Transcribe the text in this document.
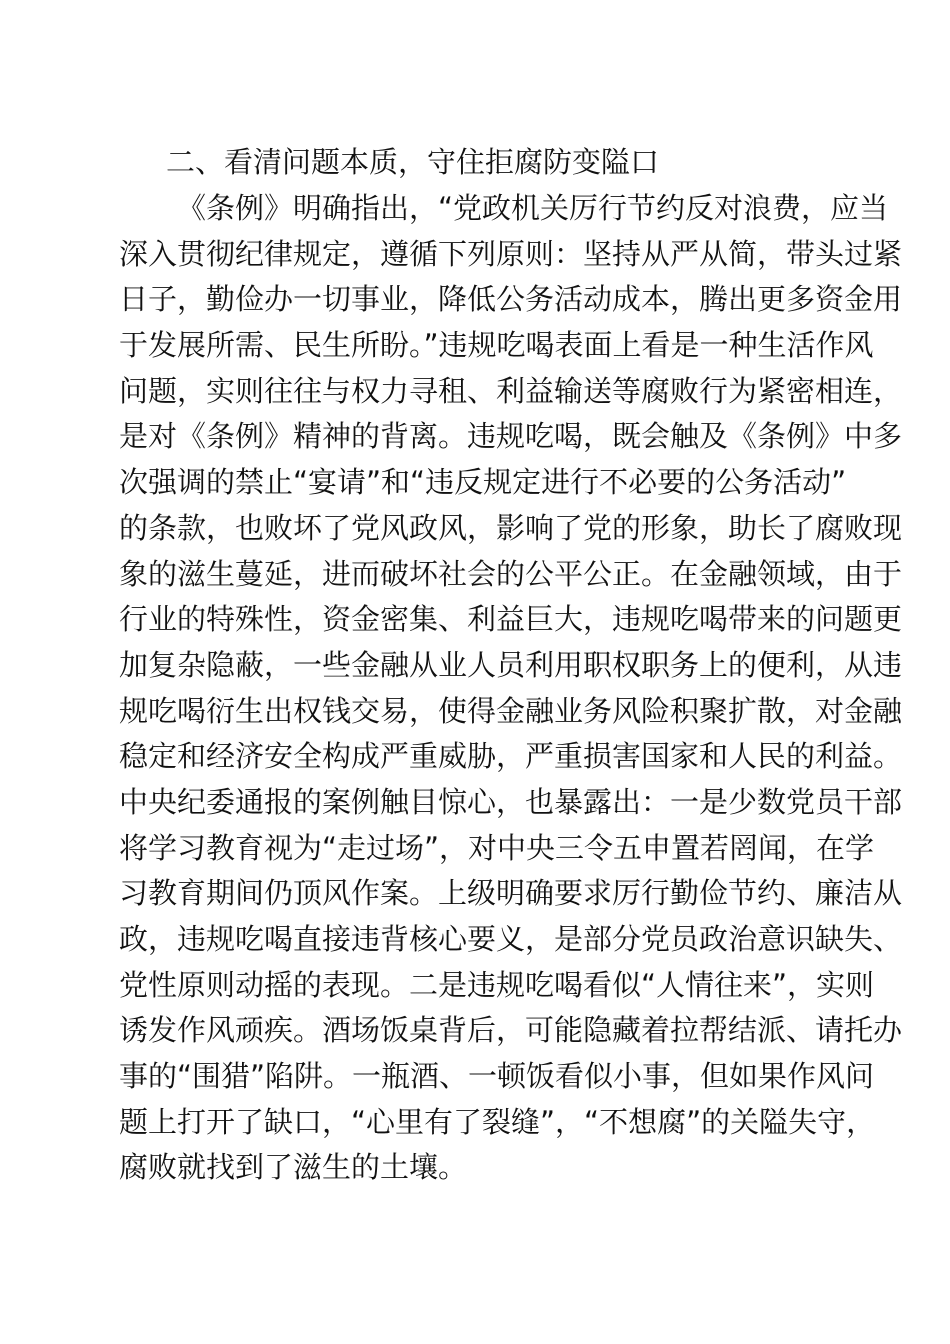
二、看清问题本质，守住拒腐防变隘口
《条例》明确指出，“党政机关厉行节约反对浪费，应当
深入贯彻纪律规定，遵循下列原则：坚持从严从简，带头过紧
日子，勤俭办一切事业，降低公务活动成本，腾出更多资金用
于发展所需、民生所盼。”违规吃喝表面上看是一种生活作风
问题，实则往往与权力寻租、利益输送等腐败行为紧密相连，
是对《条例》精神的背离。违规吃喝，既会触及《条例》中多
次强调的禁止“宴请”和“违反规定进行不必要的公务活动”
的条款，也败坏了党风政风，影响了党的形象，助长了腐败现
象的滋生蔓延，进而破坏社会的公平公正。在金融领域，由于
行业的特殊性，资金密集、利益巨大，违规吃喝带来的问题更
加复杂隐蔽，一些金融从业人员利用职权职务上的便利，从违
规吃喝衍生出权钱交易，使得金融业务风险积聚扩散，对金融
稳定和经济安全构成严重威胁，严重损害国家和人民的利益。
中央纪委通报的案例触目惊心，也暴露出：一是少数党员干部
将学习教育视为“走过场”，对中央三令五申置若罔闻，在学
习教育期间仍顶风作案。上级明确要求厉行勤俭节约、廉洁从
政，违规吃喝直接违背核心要义，是部分党员政治意识缺失、
党性原则动摇的表现。二是违规吃喝看似“人情往来”，实则
诱发作风顽疾。酒场饭桌背后，可能隐藏着拉帮结派、请托办
事的“围猎”陷阱。一瓶酒、一顿饭看似小事，但如果作风问
题上打开了缺口，“心里有了裂缝”，“不想腐”的关隘失守，
腐败就找到了滋生的土壤。
